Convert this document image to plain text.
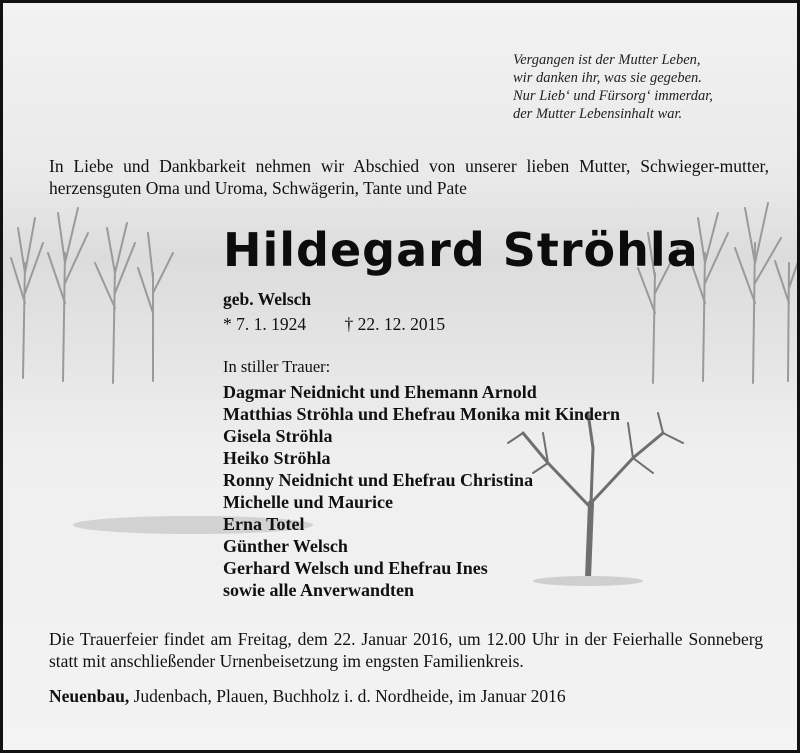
Vergangen ist der Mutter Leben,
wir danken ihr, was sie gegeben.
Nur Lieb‘ und Fürsorg‘ immerdar,
der Mutter Lebensinhalt war.
In Liebe und Dankbarkeit nehmen wir Abschied von unserer lieben Mutter, Schwieger-mutter, herzensguten Oma und Uroma, Schwägerin, Tante und Pate
Hildegard Ströhla
geb. Welsch
* 7. 1. 1924 † 22. 12. 2015
In stiller Trauer:
Dagmar Neidnicht und Ehemann Arnold
Matthias Ströhla und Ehefrau Monika mit Kindern
Gisela Ströhla
Heiko Ströhla
Ronny Neidnicht und Ehefrau Christina
Michelle und Maurice
Erna Totel
Günther Welsch
Gerhard Welsch und Ehefrau Ines
sowie alle Anverwandten
Die Trauerfeier findet am Freitag, dem 22. Januar 2016, um 12.00 Uhr in der Feierhalle Sonneberg statt mit anschließender Urnenbeisetzung im engsten Familienkreis.
Neuenbau, Judenbach, Plauen, Buchholz i. d. Nordheide, im Januar 2016
